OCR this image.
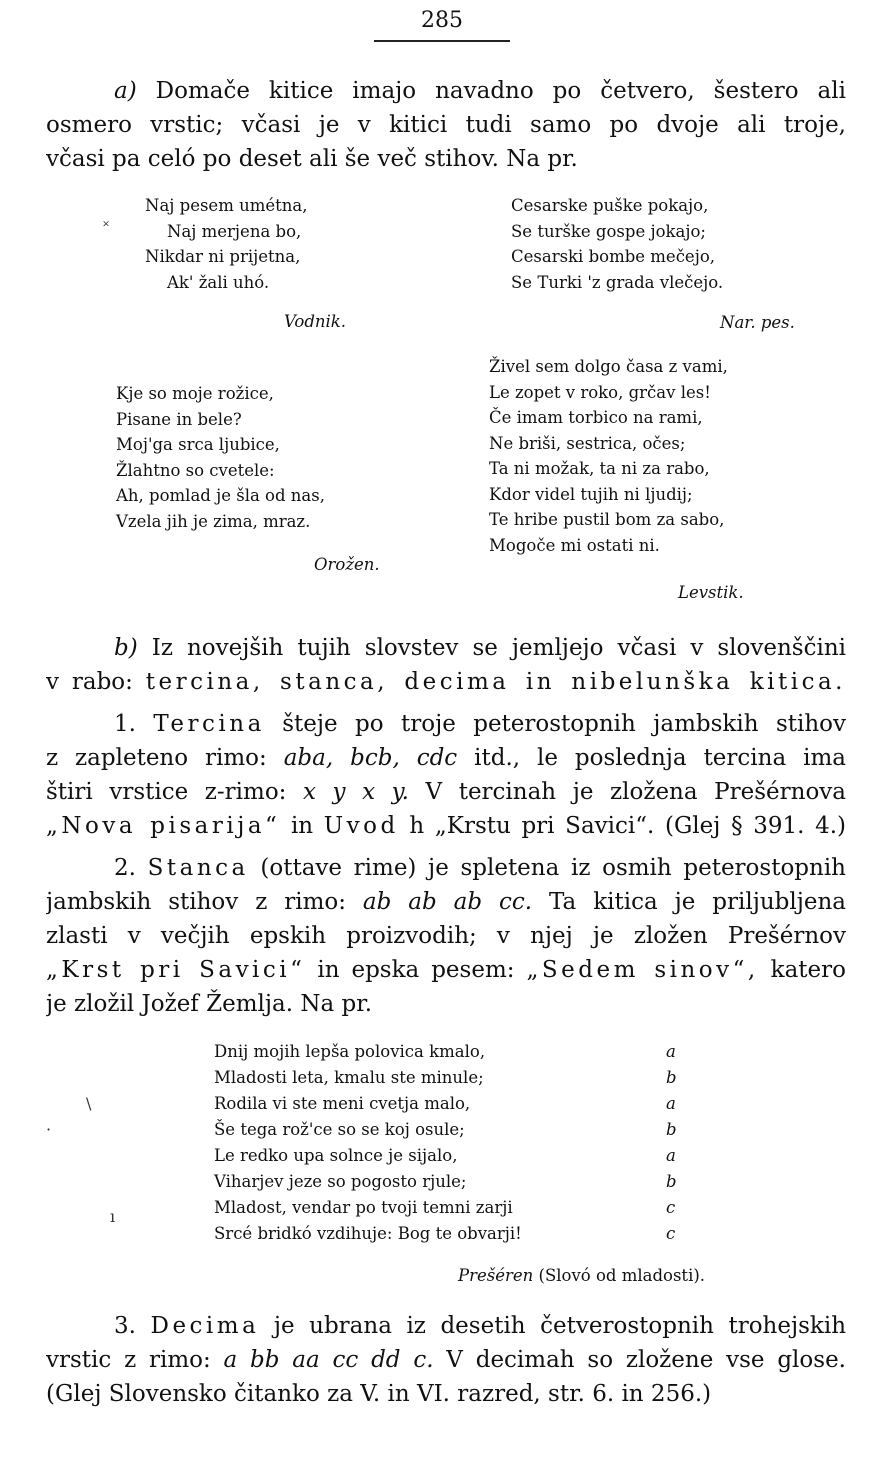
285
a) Domače kitice imajo navadno po četvero, šestero ali
osmero vrstic; včasi je v kitici tudi samo po dvoje ali troje,
včasi pa celó po deset ali še več stihov. Na pr.
Naj pesem umétna,
Naj merjena bo,
Nikdar ni prijetna,
Ak' žali uhó.
˟
Vodnik.
Cesarske puške pokajo,
Se turške gospe jokajo;
Cesarski bombe mečejo,
Se Turki 'z grada vlečejo.
Nar. pes.
Kje so moje rožice,
Pisane in bele?
Moj'ga srca ljubice,
Žlahtno so cvetele:
Ah, pomlad je šla od nas,
Vzela jih je zima, mraz.
Orožen.
Živel sem dolgo časa z vami,
Le zopet v roko, grčav les!
Če imam torbico na rami,
Ne briši, sestrica, očes;
Ta ni možak, ta ni za rabo,
Kdor videl tujih ni ljudij;
Te hribe pustil bom za sabo,
Mogoče mi ostati ni.
Levstik.
b) Iz novejših tujih slovstev se jemljejo včasi v slovenščini
v rabo: tercina, stanca, decima in nibelunška kitica.
1. Tercina šteje po troje peterostopnih jambskih stihov
z zapleteno rimo: aba, bcb, cdc itd., le poslednja tercina ima
štiri vrstice z-rimo: x y x y. V tercinah je zložena Prešérnova
„Nova pisarija“ in Uvod h „Krstu pri Savici“. (Glej § 391. 4.)
2. Stanca (ottave rime) je spletena iz osmih peterostopnih
jambskih stihov z rimo: ab ab ab cc. Ta kitica je priljubljena
zlasti v večjih epskih proizvodih; v njej je zložen Prešérnov
„Krst pri Savici“ in epska pesem: „Sedem sinov“, katero
je zložil Jožef Žemlja. Na pr.
Dnij mojih lepša polovica kmalo,	a
Mladosti leta, kmalu ste minule;	b
Rodila vi ste meni cvetja malo,	a
Še tega rož'ce so se koj osule;	b
Le redko upa solnce je sijalo,	a
Viharjev jeze so pogosto rjule;	b
Mladost, vendar po tvoji temni zarji	c
Srcé bridkó vzdihuje: Bog te obvarji!	c
\
·
ı
Prešéren (Slovó od mladosti).
3. Decima je ubrana iz desetih četverostopnih trohejskih
vrstic z rimo: a bb aa cc dd c. V decimah so zložene vse glose.
(Glej Slovensko čitanko za V. in VI. razred, str. 6. in 256.)
